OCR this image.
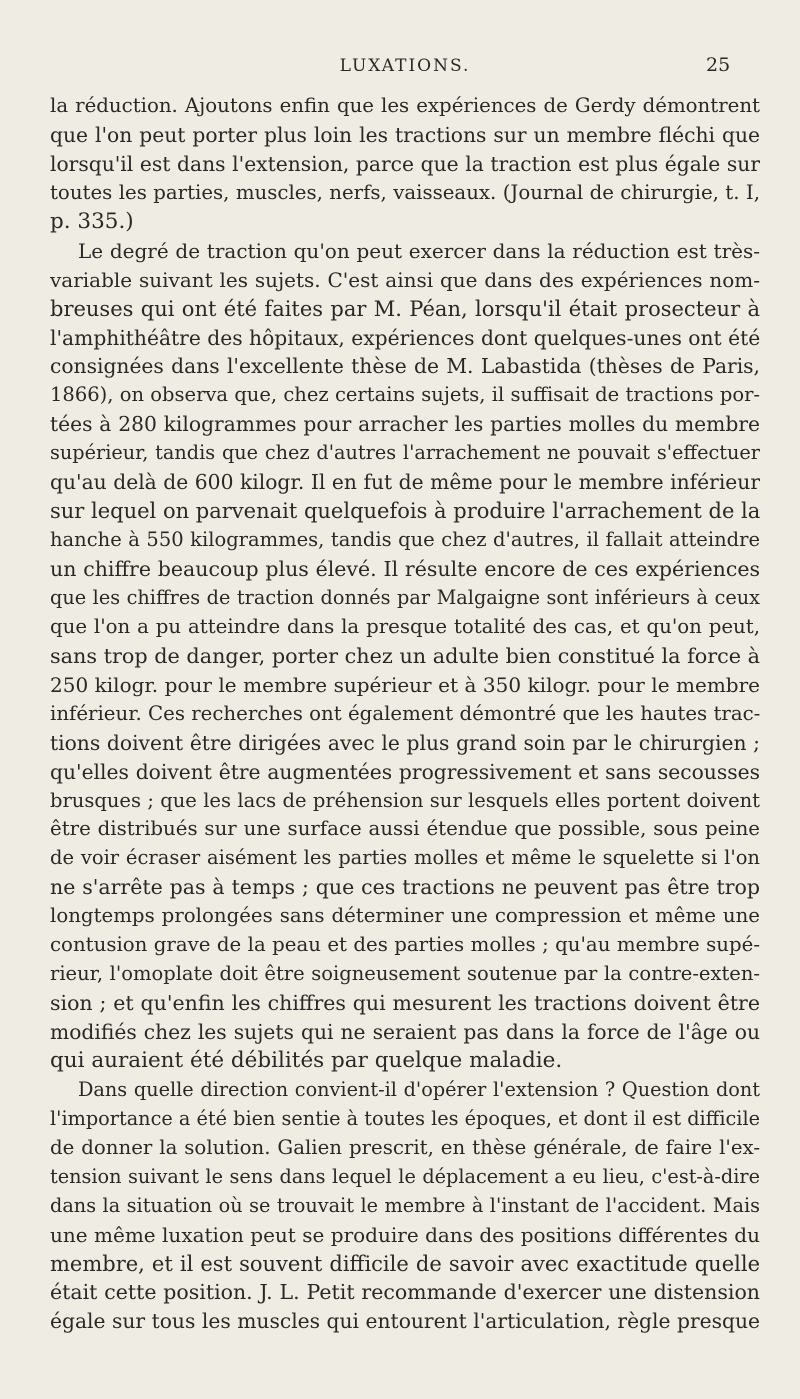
LUXATIONS.	25
la réduction. Ajoutons enfin que les expériences de Gerdy démontrent
que l'on peut porter plus loin les tractions sur un membre fléchi que
lorsqu'il est dans l'extension, parce que la traction est plus égale sur
toutes les parties, muscles, nerfs, vaisseaux. (Journal de chirurgie, t. I,
p. 335.)
Le degré de traction qu'on peut exercer dans la réduction est très-
variable suivant les sujets. C'est ainsi que dans des expériences nom-
breuses qui ont été faites par M. Péan, lorsqu'il était prosecteur à
l'amphithéâtre des hôpitaux, expériences dont quelques-unes ont été
consignées dans l'excellente thèse de M. Labastida (thèses de Paris,
1866), on observa que, chez certains sujets, il suffisait de tractions por-
tées à 280 kilogrammes pour arracher les parties molles du membre
supérieur, tandis que chez d'autres l'arrachement ne pouvait s'effectuer
qu'au delà de 600 kilogr. Il en fut de même pour le membre inférieur
sur lequel on parvenait quelquefois à produire l'arrachement de la
hanche à 550 kilogrammes, tandis que chez d'autres, il fallait atteindre
un chiffre beaucoup plus élevé. Il résulte encore de ces expériences
que les chiffres de traction donnés par Malgaigne sont inférieurs à ceux
que l'on a pu atteindre dans la presque totalité des cas, et qu'on peut,
sans trop de danger, porter chez un adulte bien constitué la force à
250 kilogr. pour le membre supérieur et à 350 kilogr. pour le membre
inférieur. Ces recherches ont également démontré que les hautes trac-
tions doivent être dirigées avec le plus grand soin par le chirurgien ;
qu'elles doivent être augmentées progressivement et sans secousses
brusques ; que les lacs de préhension sur lesquels elles portent doivent
être distribués sur une surface aussi étendue que possible, sous peine
de voir écraser aisément les parties molles et même le squelette si l'on
ne s'arrête pas à temps ; que ces tractions ne peuvent pas être trop
longtemps prolongées sans déterminer une compression et même une
contusion grave de la peau et des parties molles ; qu'au membre supé-
rieur, l'omoplate doit être soigneusement soutenue par la contre-exten-
sion ; et qu'enfin les chiffres qui mesurent les tractions doivent être
modifiés chez les sujets qui ne seraient pas dans la force de l'âge ou
qui auraient été débilités par quelque maladie.
Dans quelle direction convient-il d'opérer l'extension ? Question dont
l'importance a été bien sentie à toutes les époques, et dont il est difficile
de donner la solution. Galien prescrit, en thèse générale, de faire l'ex-
tension suivant le sens dans lequel le déplacement a eu lieu, c'est-à-dire
dans la situation où se trouvait le membre à l'instant de l'accident. Mais
une même luxation peut se produire dans des positions différentes du
membre, et il est souvent difficile de savoir avec exactitude quelle
était cette position. J. L. Petit recommande d'exercer une distension
égale sur tous les muscles qui entourent l'articulation, règle presque
